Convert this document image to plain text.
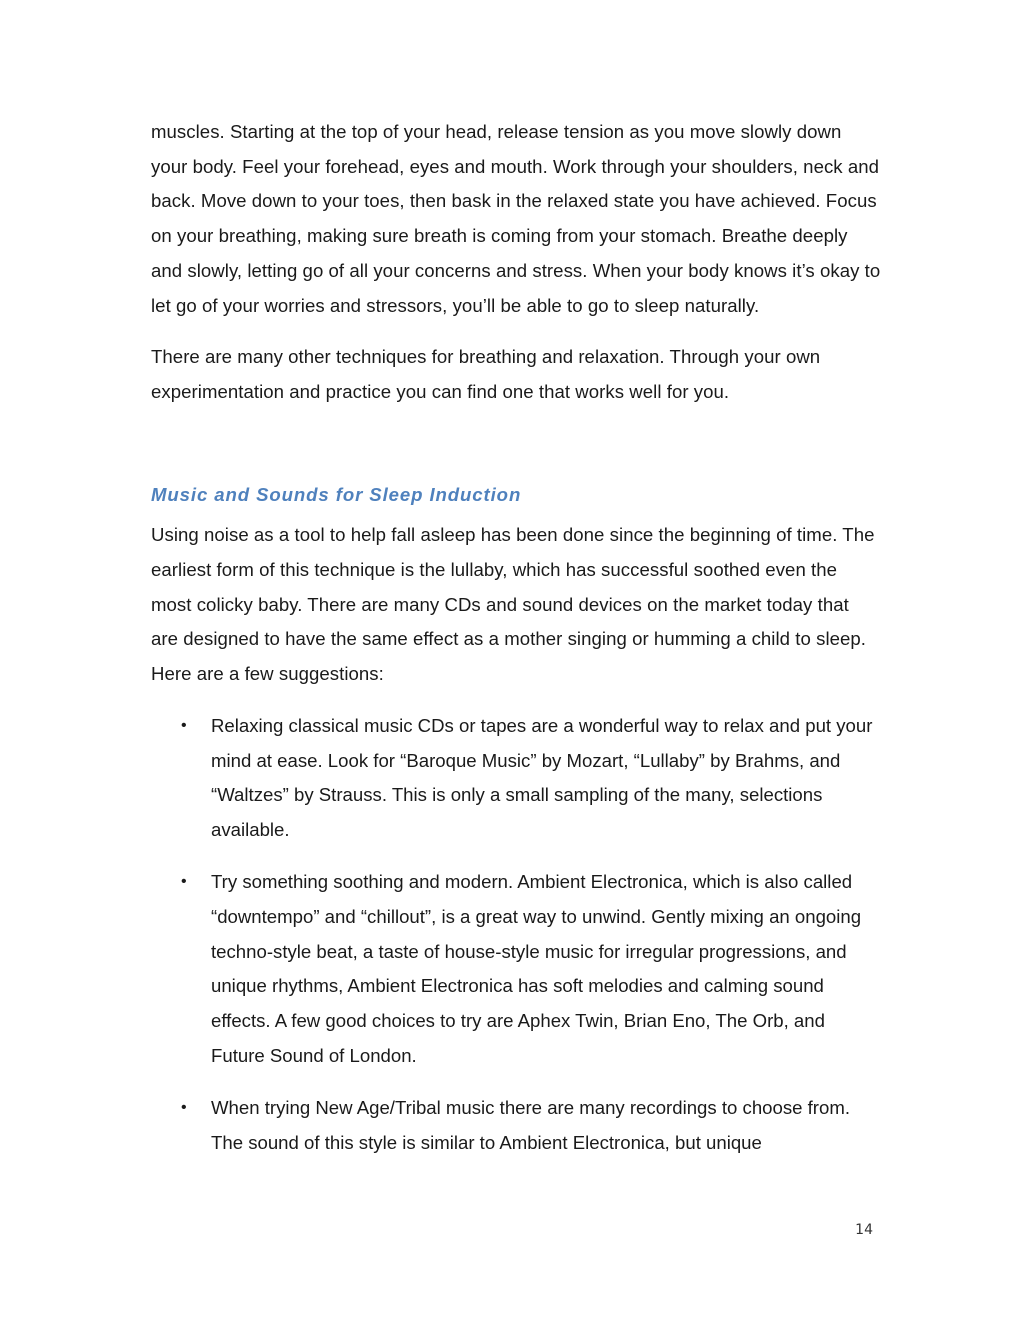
muscles. Starting at the top of your head, release tension as you move slowly down your body. Feel your forehead, eyes and mouth. Work through your shoulders, neck and back. Move down to your toes, then bask in the relaxed state you have achieved. Focus on your breathing, making sure breath is coming from your stomach. Breathe deeply and slowly, letting go of all your concerns and stress. When your body knows it’s okay to let go of your worries and stressors, you’ll be able to go to sleep naturally.

There are many other techniques for breathing and relaxation. Through your own experimentation and practice you can find one that works well for you.

Music and Sounds for Sleep Induction

Using noise as a tool to help fall asleep has been done since the beginning of time. The earliest form of this technique is the lullaby, which has successful soothed even the most colicky baby. There are many CDs and sound devices on the market today that are designed to have the same effect as a mother singing or humming a child to sleep. Here are a few suggestions:

• Relaxing classical music CDs or tapes are a wonderful way to relax and put your mind at ease. Look for “Baroque Music” by Mozart, “Lullaby” by Brahms, and “Waltzes” by Strauss. This is only a small sampling of the many, selections available.
• Try something soothing and modern. Ambient Electronica, which is also called “downtempo” and “chillout”, is a great way to unwind. Gently mixing an ongoing techno-style beat, a taste of house-style music for irregular progressions, and unique rhythms, Ambient Electronica has soft melodies and calming sound effects. A few good choices to try are Aphex Twin, Brian Eno, The Orb, and Future Sound of London.
• When trying New Age/Tribal music there are many recordings to choose from. The sound of this style is similar to Ambient Electronica, but unique
14
